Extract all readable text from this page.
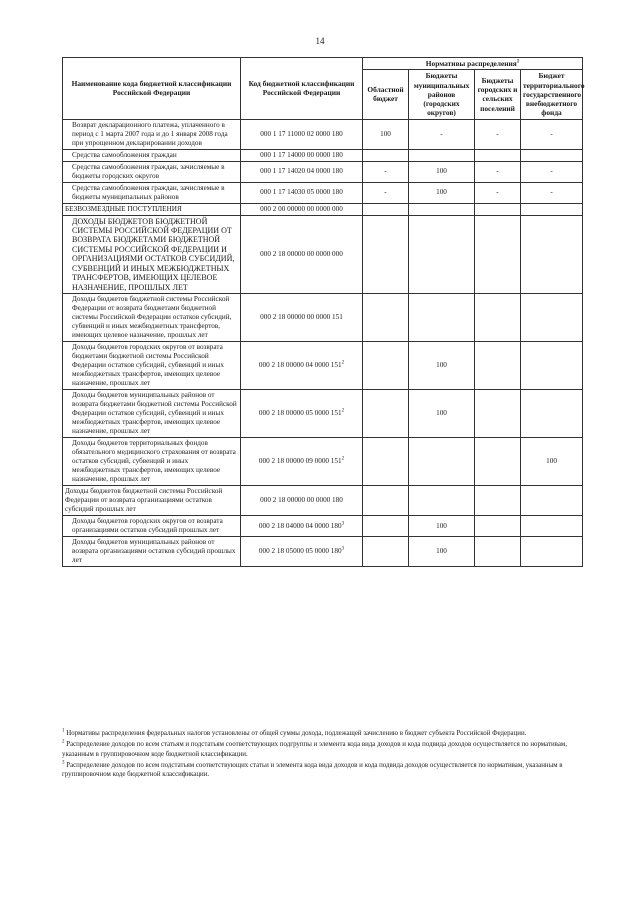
14
Наименование кода бюджетной классификации Российской Федерации	Код бюджетной классификации Российской Федерации	Нормативы распределения$^1$
		Областной бюджет	Бюджеты муниципальных районов (городских округов)	Бюджеты городских и сельских поселений	Бюджет территориального государственного внебюджетного фонда
Возврат декларационного платежа, уплаченного в период с 1 марта 2007 года и до 1 января 2008 года при упрощенном декларировании доходов	000 1 17 11000 02 0000 180	100	-	-	-
Средства самообложения граждан	000 1 17 14000 00 0000 180				
Средства самообложения граждан, зачисляемые в бюджеты городских округов	000 1 17 14020 04 0000 180	-	100	-	-
Средства самообложения граждан, зачисляемые в бюджеты муниципальных районов	000 1 17 14030 05 0000 180	-	100	-	-
БЕЗВОЗМЕЗДНЫЕ ПОСТУПЛЕНИЯ	000 2 00 00000 00 0000 000				
ДОХОДЫ БЮДЖЕТОВ БЮДЖЕТНОЙ СИСТЕМЫ РОССИЙСКОЙ ФЕДЕРАЦИИ ОТ ВОЗВРАТА БЮДЖЕТАМИ БЮДЖЕТНОЙ СИСТЕМЫ РОССИЙСКОЙ ФЕДЕРАЦИИ И ОРГАНИЗАЦИЯМИ ОСТАТКОВ СУБСИДИЙ, СУБВЕНЦИЙ И ИНЫХ МЕЖБЮДЖЕТНЫХ ТРАНСФЕРТОВ, ИМЕЮЩИХ ЦЕЛЕВОЕ НАЗНАЧЕНИЕ, ПРОШЛЫХ ЛЕТ	000 2 18 00000 00 0000 000				
Доходы бюджетов бюджетной системы Российской Федерации от возврата бюджетами бюджетной системы Российской Федерации остатков субсидий, субвенций и иных межбюджетных трансфертов, имеющих целевое назначение, прошлых лет	000 2 18 00000 00 0000 151				
Доходы бюджетов городских округов от возврата бюджетами бюджетной системы Российской Федерации остатков субсидий, субвенций и иных межбюджетных трансфертов, имеющих целевое назначение, прошлых лет	000 2 18 00000 04 0000 $151^2$		100		
Доходы бюджетов муниципальных районов от возврата бюджетами бюджетной системы Российской Федерации остатков субсидий, субвенций и иных межбюджетных трансфертов, имеющих целевое назначение, прошлых лет	000 2 18 00000 05 0000 $151^2$		100		
Доходы бюджетов территориальных фондов обязательного медицинского страхования от возврата остатков субсидий, субвенций и иных межбюджетных трансфертов, имеющих целевое назначение, прошлых лет	000 2 18 00000 09 0000 $151^2$				100
Доходы бюджетов бюджетной системы Российской Федерации от возврата организациями остатков субсидий прошлых лет	000 2 18 00000 00 0000 180				
Доходы бюджетов городских округов от возврата организациями остатков субсидий прошлых лет	000 2 18 04000 04 0000 $180^3$		100		
Доходы бюджетов муниципальных районов от возврата организациями остатков субсидий прошлых лет	000 2 18 05000 05 0000 $180^3$		100		

$^1$ Нормативы распределения федеральных налогов установлены от общей суммы дохода, подлежащей зачислению в бюджет субъекта Российской Федерации.

$^2$ Распределение доходов по всем статьям и подстатьям соответствующих подгруппы и элемента кода вида доходов и кода подвида доходов осуществляется по нормативам, указанным в группировочном коде бюджетной классификации.

$^3$ Распределение доходов по всем подстатьям соответствующих статьи и элемента кода вида доходов и кода подвида доходов осуществляется по нормативам, указанным в группировочном коде бюджетной классификации.
